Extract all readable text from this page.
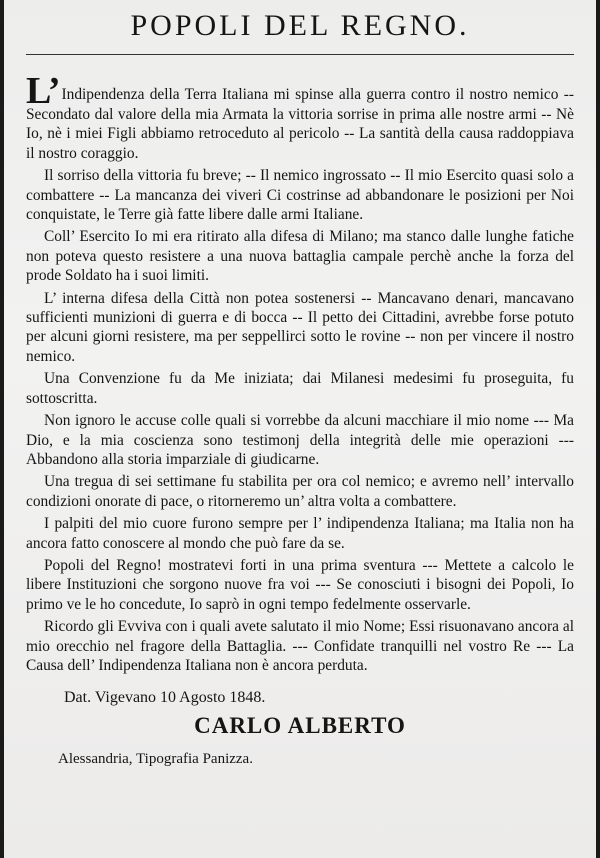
POPOLI DEL REGNO.

L’Indipendenza della Terra Italiana mi spinse alla guerra contro il nostro nemico -- Secondato dal valore della mia Armata la vittoria sorrise in prima alle nostre armi -- Nè Io, nè i miei Figli abbiamo retroceduto al pericolo -- La santità della causa raddoppiava il nostro coraggio.

Il sorriso della vittoria fu breve; -- Il nemico ingrossato -- Il mio Esercito quasi solo a combattere -- La mancanza dei viveri Ci costrinse ad abbandonare le posizioni per Noi conquistate, le Terre già fatte libere dalle armi Italiane.

Coll’ Esercito Io mi era ritirato alla difesa di Milano; ma stanco dalle lunghe fatiche non poteva questo resistere a una nuova battaglia campale perchè anche la forza del prode Soldato ha i suoi limiti.

L’ interna difesa della Città non potea sostenersi -- Mancavano denari, mancavano sufficienti munizioni di guerra e di bocca -- Il petto dei Cittadini, avrebbe forse potuto per alcuni giorni resistere, ma per seppellirci sotto le rovine -- non per vincere il nostro nemico.

Una Convenzione fu da Me iniziata; dai Milanesi medesimi fu proseguita, fu sottoscritta.

Non ignoro le accuse colle quali si vorrebbe da alcuni macchiare il mio nome --- Ma Dio, e la mia coscienza sono testimonj della integrità delle mie operazioni --- Abbandono alla storia imparziale di giudicarne.

Una tregua di sei settimane fu stabilita per ora col nemico; e avremo nell’ intervallo condizioni onorate di pace, o ritorneremo un’ altra volta a combattere.

I palpiti del mio cuore furono sempre per l’ indipendenza Italiana; ma Italia non ha ancora fatto conoscere al mondo che può fare da se.

Popoli del Regno! mostratevi forti in una prima sventura --- Mettete a calcolo le libere Instituzioni che sorgono nuove fra voi --- Se conosciuti i bisogni dei Popoli, Io primo ve le ho concedute, Io saprò in ogni tempo fedelmente osservarle.

Ricordo gli Evviva con i quali avete salutato il mio Nome; Essi risuonavano ancora al mio orecchio nel fragore della Battaglia. --- Confidate tranquilli nel vostro Re --- La Causa dell’ Indipendenza Italiana non è ancora perduta.

Dat. Vigevano 10 Agosto 1848.
CARLO ALBERTO
Alessandria, Tipografia Panizza.
